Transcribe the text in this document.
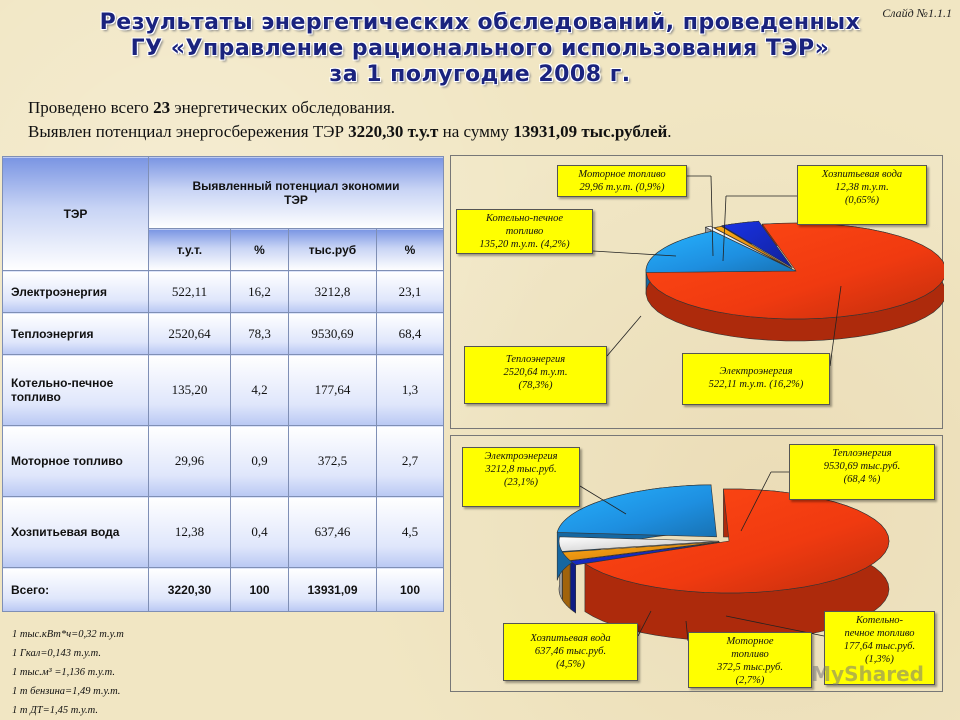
Слайд №1.1.1
Результаты энергетических обследований, проведенных
ГУ «Управление рационального использования ТЭР»
за 1 полугодие 2008 г.
Проведено всего 23 энергетических обследования.
Выявлен потенциал энергосбережения ТЭР 3220,30 т.у.т на сумму 13931,09 тыс.рублей.
ТЭР	Выявленный потенциал экономии ТЭР			
	т.у.т.	%	тыс.руб	%
Электроэнергия	522,11	16,2	3212,8	23,1
Теплоэнергия	2520,64	78,3	9530,69	68,4
Котельно-печное топливо	135,20	4,2	177,64	1,3
Моторное топливо	29,96	0,9	372,5	2,7
Хозпитьевая вода	12,38	0,4	637,46	4,5
Всего:	3220,30	100	13931,09	100
1 тыс.кВт*ч=0,32 т.у.т
1 Гкал=0,143 т.у.т.
1 тыс.м³ =1,136 т.у.т.
1 т бензина=1,49 т.у.т.
1 т ДТ=1,45 т.у.т.
Моторное топливо
29,96 т.у.т. (0,9%)
Хозпитьевая вода
12,38 т.у.т.
(0,65%)
Котельно-печное
топливо
135,20 т.у.т. (4,2%)
Теплоэнергия
2520,64 т.у.т.
(78,3%)
Электроэнергия
522,11 т.у.т. (16,2%)
Электроэнергия
3212,8 тыс.руб.
(23,1%)
Теплоэнергия
9530,69 тыс.руб.
(68,4 %)
Хозпитьевая вода
637,46 тыс.руб.
(4,5%)
Моторное
топливо
372,5 тыс.руб.
(2,7%)
Котельно-
печное топливо
177,64 тыс.руб.
(1,3%)
MyShared
